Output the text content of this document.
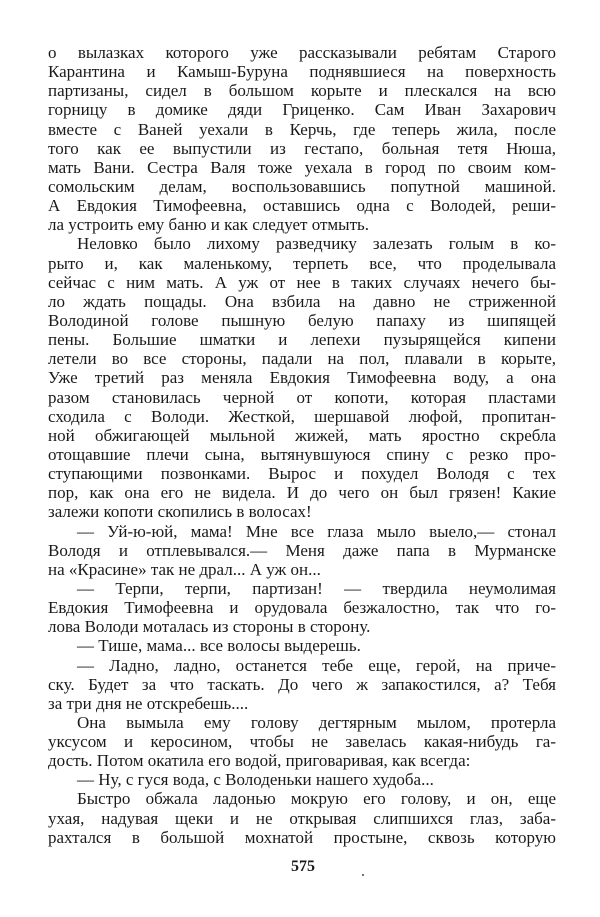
о вылазках которого уже рассказывали ребятам Старого
Карантина и Камыш-Буруна поднявшиеся на поверхность
партизаны, сидел в большом корыте и плескался на всю
горницу в домике дяди Гриценко. Сам Иван Захарович
вместе с Ваней уехали в Керчь, где теперь жила, после
того как ее выпустили из гестапо, больная тетя Нюша,
мать Вани. Сестра Валя тоже уехала в город по своим ком-
сомольским делам, воспользовавшись попутной машиной.
А Евдокия Тимофеевна, оставшись одна с Володей, реши-
ла устроить ему баню и как следует отмыть.
Неловко было лихому разведчику залезать голым в ко-
рыто и, как маленькому, терпеть все, что проделывала
сейчас с ним мать. А уж от нее в таких случаях нечего бы-
ло ждать пощады. Она взбила на давно не стриженной
Володиной голове пышную белую папаху из шипящей
пены. Большие шматки и лепехи пузырящейся кипени
летели во все стороны, падали на пол, плавали в корыте,
Уже третий раз меняла Евдокия Тимофеевна воду, а она
разом становилась черной от копоти, которая пластами
сходила с Володи. Жесткой, шершавой люфой, пропитан-
ной обжигающей мыльной жижей, мать яростно скребла
отощавшие плечи сына, вытянувшуюся спину с резко про-
ступающими позвонками. Вырос и похудел Володя с тех
пор, как она его не видела. И до чего он был грязен! Какие
залежи копоти скопились в волосах!
— Уй-ю-юй, мама! Мне все глаза мыло выело,— стонал
Володя и отплевывался.— Меня даже папа в Мурманске
на «Красине» так не драл... А уж он...
— Терпи, терпи, партизан! — твердила неумолимая
Евдокия Тимофеевна и орудовала безжалостно, так что го-
лова Володи моталась из стороны в сторону.
— Тише, мама... все волосы выдерешь.
— Ладно, ладно, останется тебе еще, герой, на приче-
ску. Будет за что таскать. До чего ж запакостился, а? Тебя
за три дня не отскребешь....
Она вымыла ему голову дегтярным мылом, протерла
уксусом и керосином, чтобы не завелась какая-нибудь га-
дость. Потом окатила его водой, приговаривая, как всегда:
— Ну, с гуся вода, с Володеньки нашего худоба...
Быстро обжала ладонью мокрую его голову, и он, еще
ухая, надувая щеки и не открывая слипшихся глаз, заба-
рахтался в большой мохнатой простыне, сквозь которую
575
